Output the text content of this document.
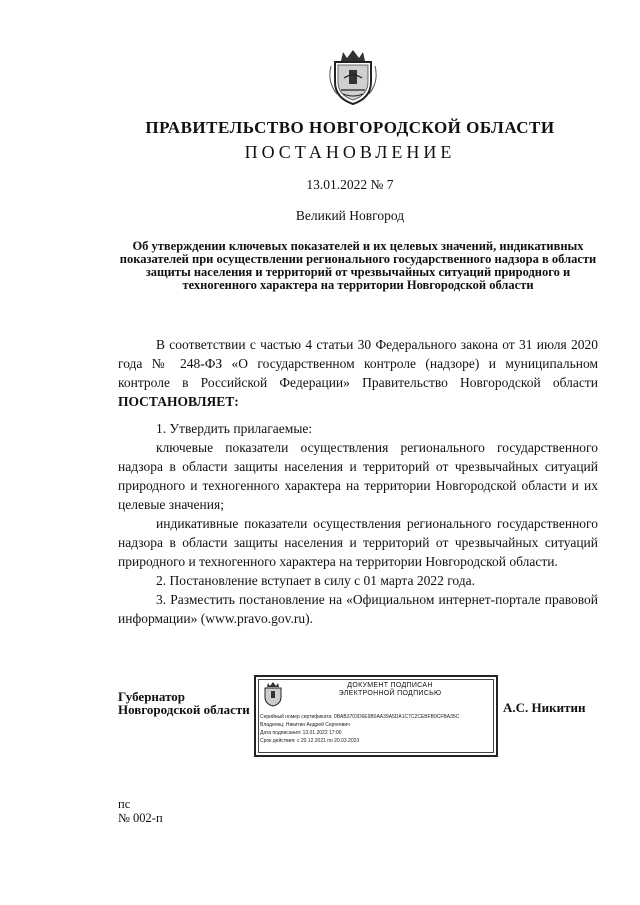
ПРАВИТЕЛЬСТВО НОВГОРОДСКОЙ ОБЛАСТИ
ПОСТАНОВЛЕНИЕ
13.01.2022 № 7
Великий Новгород
Об утверждении ключевых показателей и их целевых значений, индикативных показателей при осуществлении регионального государственного надзора в области защиты населения и территорий от чрезвычайных ситуаций природного и техногенного характера на территории Новгородской области

В соответствии с частью 4 статьи 30 Федерального закона от 31 июля 2020 года № 248-ФЗ «О государственном контроле (надзоре) и муниципальном контроле в Российской Федерации» Правительство Новгородской области ПОСТАНОВЛЯЕТ:

1. Утвердить прилагаемые:

ключевые показатели осуществления регионального государственного надзора в области защиты населения и территорий от чрезвычайных ситуаций природного и техногенного характера на территории Новгородской области и их целевые значения;

индикативные показатели осуществления регионального государственного надзора в области защиты населения и территорий от чрезвычайных ситуаций природного и техногенного характера на территории Новгородской области.

2. Постановление вступает в силу с 01 марта 2022 года.

3. Разместить постановление на «Официальном интернет-портале правовой информации» (www.pravo.gov.ru).

Губернатор
Новгородской области
ДОКУМЕНТ ПОДПИСАН
ЭЛЕКТРОННОЙ ПОДПИСЬЮ
Серийный номер сертификата: 0BAB3703D6E9B0AA39A5DA1C7C2CEBFB9CFBA35C
Владелец: Никитин Андрей Сергеевич
Дата подписания: 13.01.2022 17:00
Срок действия: с 20.12.2021 по 20.03.2023
А.С. Никитин
пс
№ 002-п
